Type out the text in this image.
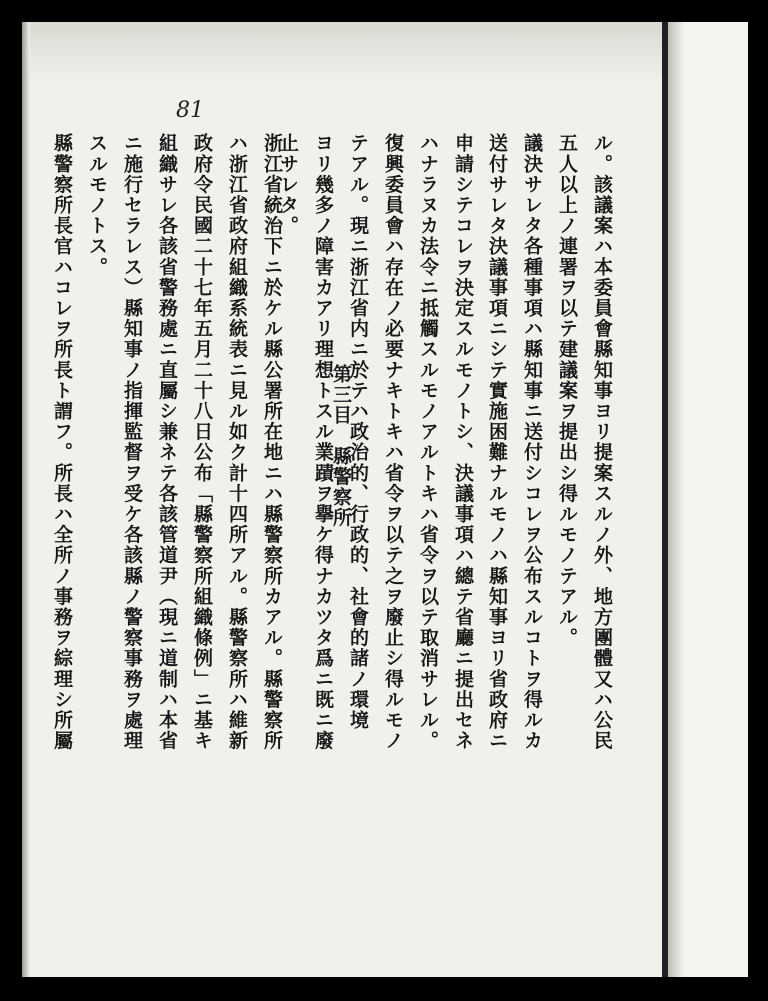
81
ル。該議案ハ本委員會縣知事ヨリ提案スルノ外、地方團體又ハ公民
五人以上ノ連署ヲ以テ建議案ヲ提出シ得ルモノテアル。
議決サレタ各種事項ハ縣知事ニ送付シコレヲ公布スルコトヲ得ルカ
送付サレタ決議事項ニシテ實施困難ナルモノハ縣知事ヨリ省政府ニ
申請シテコレヲ決定スルモノトシ、決議事項ハ總テ省廳ニ提出セネ
ハナラヌカ法令ニ抵觸スルモノアルトキハ省令ヲ以テ取消サレル。
復興委員會ハ存在ノ必要ナキトキハ省令ヲ以テ之ヲ廢止シ得ルモノ
テアル。現ニ浙江省内ニ於テハ政治的、行政的、社會的諸ノ環境
ヨリ幾多ノ障害カアリ理想トスル業蹟ヲ擧ケ得ナカツタ爲ニ既ニ廢
止サレタ。
第三目　縣警察所
浙江省統治下ニ於ケル縣公署所在地ニハ縣警察所カアル。縣警察所
ハ浙江省政府組織系統表ニ見ル如ク計十四所アル。縣警察所ハ維新
政府令民國二十七年五月二十八日公布「縣警察所組織條例」ニ基キ
組織サレ各該省警務處ニ直屬シ兼ネテ各該管道尹（現ニ道制ハ本省
ニ施行セラレス）縣知事ノ指揮監督ヲ受ケ各該縣ノ警察事務ヲ處理
スルモノトス。
縣警察所長官ハコレヲ所長ト謂フ。所長ハ全所ノ事務ヲ綜理シ所屬
